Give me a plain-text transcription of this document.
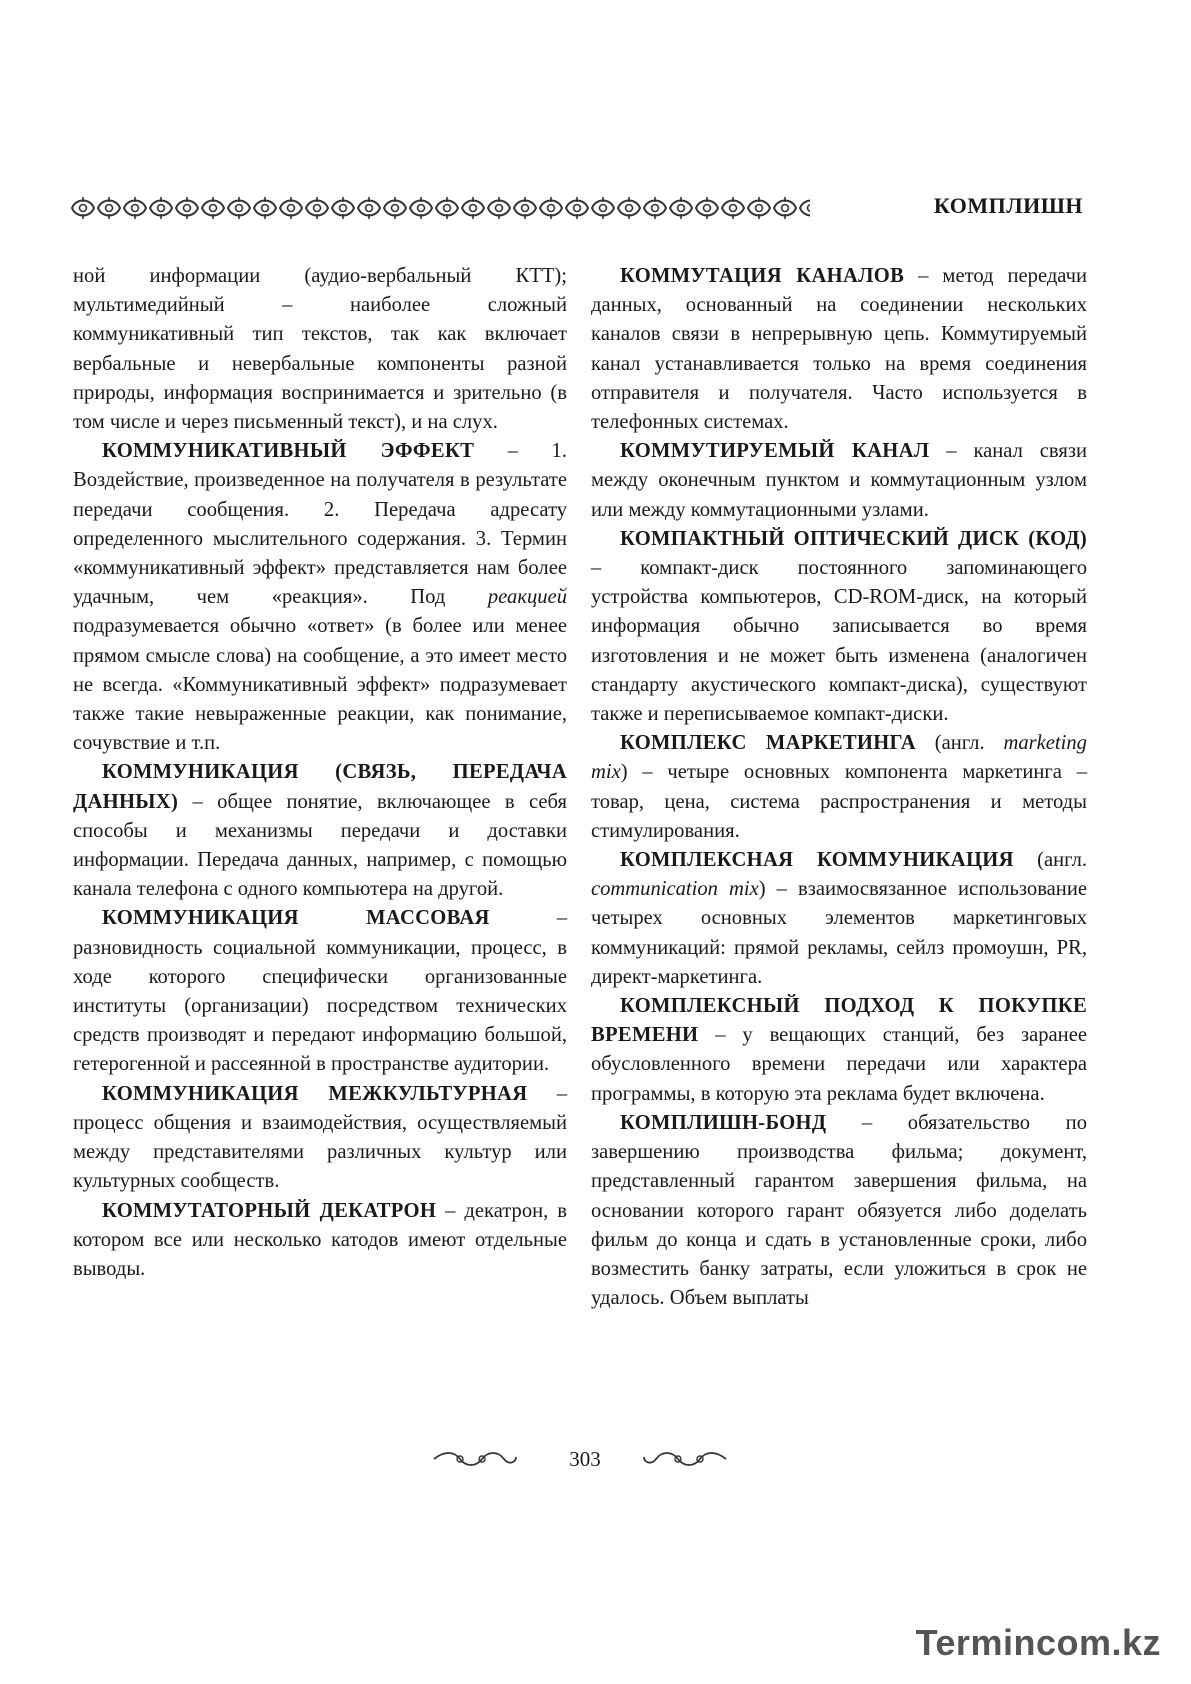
КОМПЛИШН

ной информации (аудио-вербальный КТТ); мультимедийный – наиболее сложный коммуникативный тип текстов, так как включает вербальные и невербальные компоненты разной природы, информация воспринимается и зрительно (в том числе и через письменный текст), и на слух.

КОММУНИКАТИВНЫЙ ЭФФЕКТ – 1. Воздействие, произведенное на получателя в результате передачи сообщения. 2. Передача адресату определенного мыслительного содержания. 3. Термин «коммуникативный эффект» представляется нам более удачным, чем «реакция». Под реакцией подразумевается обычно «ответ» (в более или менее прямом смысле слова) на сообщение, а это имеет место не всегда. «Коммуникативный эффект» подразумевает также такие невыраженные реакции, как понимание, сочувствие и т.п.

КОММУНИКАЦИЯ (СВЯЗЬ, ПЕРЕДАЧА ДАННЫХ) – общее понятие, включающее в себя способы и механизмы передачи и доставки информации. Передача данных, например, с помощью канала телефона с одного компьютера на другой.

КОММУНИКАЦИЯ МАССОВАЯ – разновидность социальной коммуникации, процесс, в ходе которого специфически организованные институты (организации) посредством технических средств производят и передают информацию большой, гетерогенной и рассеянной в пространстве аудитории.

КОММУНИКАЦИЯ МЕЖКУЛЬТУРНАЯ – процесс общения и взаимодействия, осуществляемый между представителями различных культур или культурных сообществ.

КОММУТАТОРНЫЙ ДЕКАТРОН – декатрон, в котором все или несколько катодов имеют отдельные выводы.

КОММУТАЦИЯ КАНАЛОВ – метод передачи данных, основанный на соединении нескольких каналов связи в непрерывную цепь. Коммутируемый канал устанавливается только на время соединения отправителя и получателя. Часто используется в телефонных системах.

КОММУТИРУЕМЫЙ КАНАЛ – канал связи между оконечным пунктом и коммутационным узлом или между коммутационными узлами.

КОМПАКТНЫЙ ОПТИЧЕСКИЙ ДИСК (КОД) – компакт-диск постоянного запоминающего устройства компьютеров, CD-ROM-диск, на который информация обычно записывается во время изготовления и не может быть изменена (аналогичен стандарту акустического компакт-диска), существуют также и переписываемое компакт-диски.

КОМПЛЕКС МАРКЕТИНГА (англ. marketing mix) – четыре основных компонента маркетинга – товар, цена, система распространения и методы стимулирования.

КОМПЛЕКСНАЯ КОММУНИКАЦИЯ (англ. communication mix) – взаимосвязанное использование четырех основных элементов маркетинговых коммуникаций: прямой рекламы, сейлз промоушн, PR, директ-маркетинга.

КОМПЛЕКСНЫЙ ПОДХОД К ПОКУПКЕ ВРЕМЕНИ – у вещающих станций, без заранее обусловленного времени передачи или характера программы, в которую эта реклама будет включена.

КОМПЛИШН-БОНД – обязательство по завершению производства фильма; документ, представленный гарантом завершения фильма, на основании которого гарант обязуется либо доделать фильм до конца и сдать в установленные сроки, либо возместить банку затраты, если уложиться в срок не удалось. Объем выплаты

303
Termincom.kz
